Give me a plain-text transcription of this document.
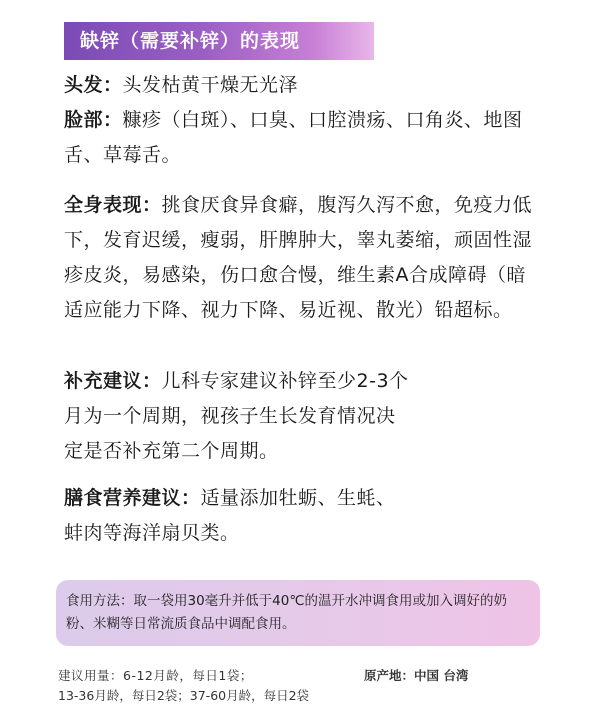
缺锌（需要补锌）的表现
头发：头发枯黄干燥无光泽
脸部：糠疹（白斑）、口臭、口腔溃疡、口角炎、地图舌、草莓舌。
全身表现：挑食厌食异食癖，腹泻久泻不愈，免疫力低下，发育迟缓，瘦弱，肝脾肿大，睾丸萎缩，顽固性湿疹皮炎，易感染，伤口愈合慢，维生素A合成障碍（暗适应能力下降、视力下降、易近视、散光）铅超标。
补充建议：儿科专家建议补锌至少2-3个月为一个周期，视孩子生长发育情况决定是否补充第二个周期。
膳食营养建议：适量添加牡蛎、生蚝、蚌肉等海洋扇贝类。
食用方法：取一袋用30毫升并低于40℃的温开水冲调食用或加入调好的奶粉、米糊等日常流质食品中调配食用。
建议用量：6-12月龄，每日1袋；
13-36月龄，每日2袋；37-60月龄，每日2袋
原产地：中国 台湾
